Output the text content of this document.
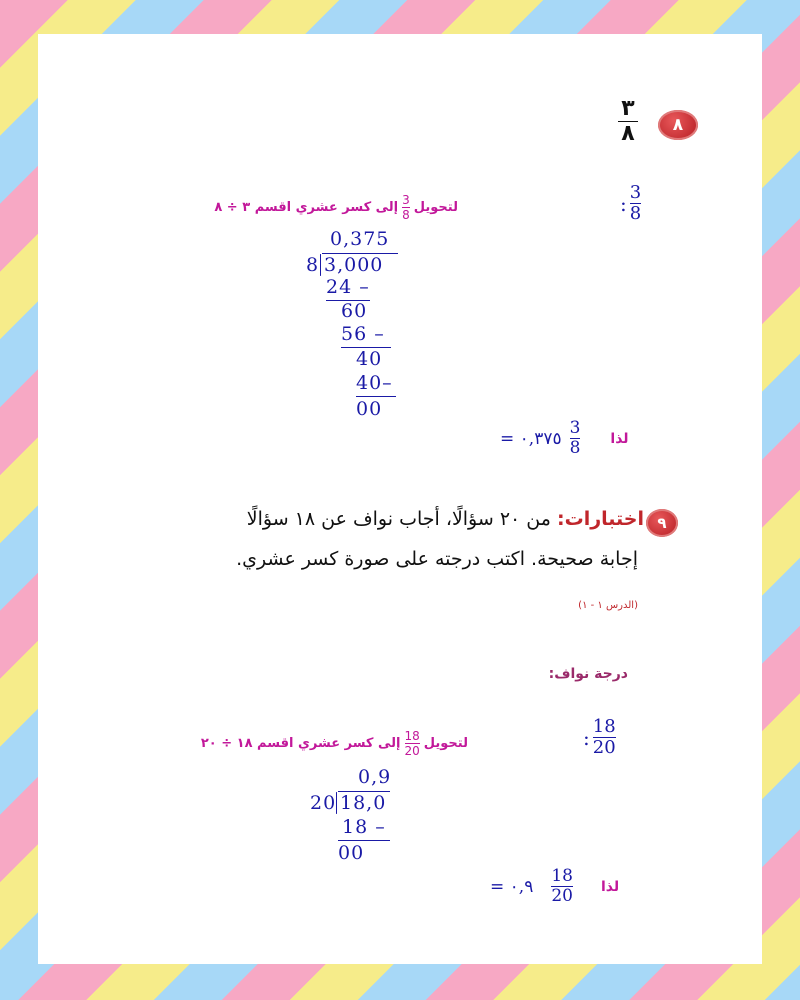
٨
٣
٨
: $\frac{3}{8}$
لتحويل
$\frac{3}{8}$
إلى كسر عشري اقسم ٣ ÷ ٨
0,375
8 3,000
24 –
60
56 –
40
40–
00
= ٠,٣٧٥ $\frac{3}{8}$ لذا
٩
اختبارات: من ٢٠ سؤالًا، أجاب نواف عن ١٨ سؤالًا
إجابة صحيحة. اكتب درجته على صورة كسر عشري.
(الدرس ١ - ١)
درجة نواف:
: $\frac{18}{20}$
لتحويل
$\frac{18}{20}$
إلى كسر عشري اقسم ١٨ ÷ ٢٠
0,9
20 18,0
18 –
00
= ٠,٩ $\frac{18}{20}$ لذا
